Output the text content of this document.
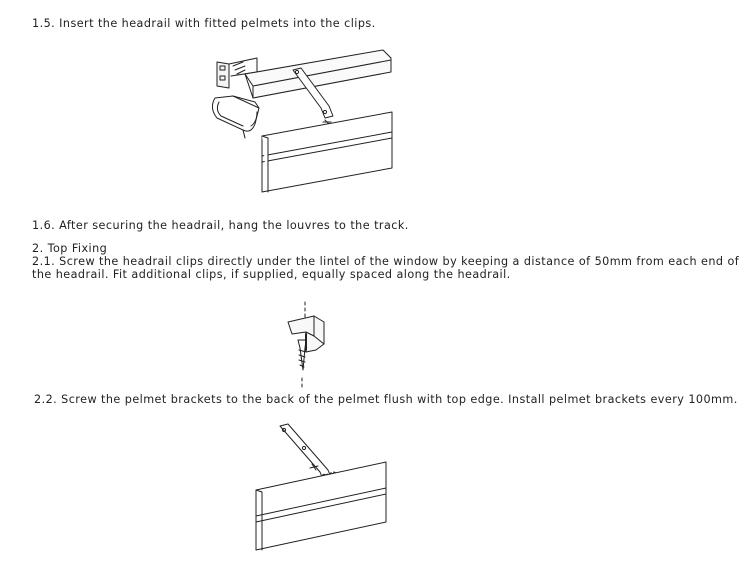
1.5. Insert the headrail with fitted pelmets into the clips.
1.6. After securing the headrail, hang the louvres to the track.
2. Top Fixing
2.1. Screw the headrail clips directly under the lintel of the window by keeping a distance of 50mm from each end of
the headrail. Fit additional clips, if supplied, equally spaced along the headrail.
2.2. Screw the pelmet brackets to the back of the pelmet flush with top edge. Install pelmet brackets every 100mm.
